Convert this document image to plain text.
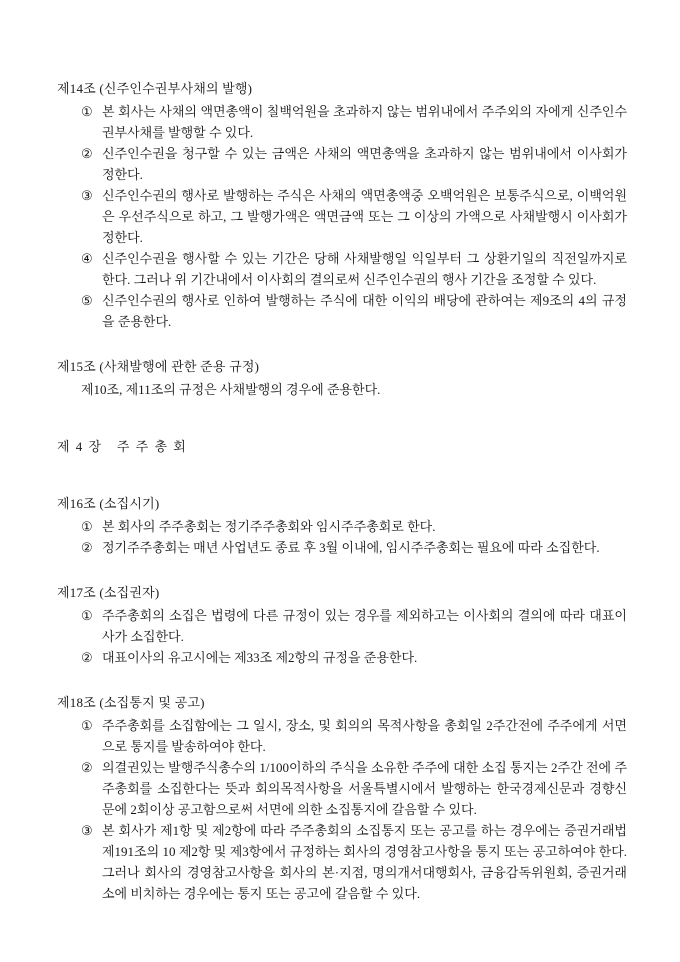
제14조 (신주인수권부사채의 발행)
① 본 회사는 사채의 액면총액이 칠백억원을 초과하지 않는 범위내에서 주주외의 자에게 신주인수권부사채를 발행할 수 있다.
② 신주인수권을 청구할 수 있는 금액은 사채의 액면총액을 초과하지 않는 범위내에서 이사회가 정한다.
③ 신주인수권의 행사로 발행하는 주식은 사채의 액면총액중 오백억원은 보통주식으로, 이백억원은 우선주식으로 하고, 그 발행가액은 액면금액 또는 그 이상의 가액으로 사채발행시 이사회가 정한다.
④ 신주인수권을 행사할 수 있는 기간은 당해 사채발행일 익일부터 그 상환기일의 직전일까지로 한다. 그러나 위 기간내에서 이사회의 결의로써 신주인수권의 행사 기간을 조정할 수 있다.
⑤ 신주인수권의 행사로 인하여 발행하는 주식에 대한 이익의 배당에 관하여는 제9조의 4의 규정을 준용한다.
제15조 (사채발행에 관한 준용 규정)
제10조, 제11조의 규정은 사채발행의 경우에 준용한다.
제 4 장   주 주 총 회
제16조 (소집시기)
① 본 회사의 주주총회는 정기주주총회와 임시주주총회로 한다.
② 정기주주총회는 매년 사업년도 종료 후 3월 이내에, 임시주주총회는 필요에 따라 소집한다.
제17조 (소집권자)
① 주주총회의 소집은 법령에 다른 규정이 있는 경우를 제외하고는 이사회의 결의에 따라 대표이사가 소집한다.
② 대표이사의 유고시에는 제33조 제2항의 규정을 준용한다.
제18조 (소집통지 및 공고)
① 주주총회를 소집함에는 그 일시, 장소, 및 회의의 목적사항을 총회일 2주간전에 주주에게 서면으로 통지를 발송하여야 한다.
② 의결권있는 발행주식총수의 1/100이하의 주식을 소유한 주주에 대한 소집 통지는 2주간 전에 주주총회를 소집한다는 뜻과 회의목적사항을 서울특별시에서 발행하는 한국경제신문과 경향신문에 2회이상 공고함으로써 서면에 의한 소집통지에 갈음할 수 있다.
③ 본 회사가 제1항 및 제2항에 따라 주주총회의 소집통지 또는 공고를 하는 경우에는 증권거래법 제191조의 10 제2항 및 제3항에서 규정하는 회사의 경영참고사항을 통지 또는 공고하여야 한다. 그러나 회사의 경영참고사항을 회사의 본·지점, 명의개서대행회사, 금융감독위원회, 증권거래소에 비치하는 경우에는 통지 또는 공고에 갈음할 수 있다.
